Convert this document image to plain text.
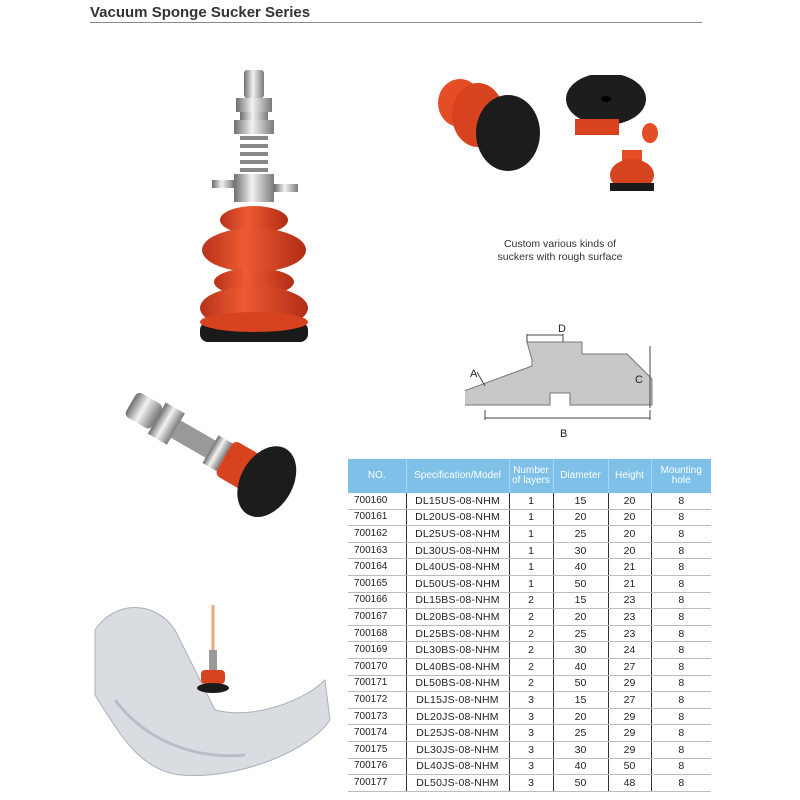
Vacuum Sponge Sucker Series
Custom various kinds of
suckers with rough surface
D
A	C
B
NO.	Specification/Model	Number of layers	Diameter	Height	Mounting hole
700160	DL15US-08-NHM	1	15	20	8
700161	DL20US-08-NHM	1	20	20	8
700162	DL25US-08-NHM	1	25	20	8
700163	DL30US-08-NHM	1	30	20	8
700164	DL40US-08-NHM	1	40	21	8
700165	DL50US-08-NHM	1	50	21	8
700166	DL15BS-08-NHM	2	15	23	8
700167	DL20BS-08-NHM	2	20	23	8
700168	DL25BS-08-NHM	2	25	23	8
700169	DL30BS-08-NHM	2	30	24	8
700170	DL40BS-08-NHM	2	40	27	8
700171	DL50BS-08-NHM	2	50	29	8
700172	DL15JS-08-NHM	3	15	27	8
700173	DL20JS-08-NHM	3	20	29	8
700174	DL25JS-08-NHM	3	25	29	8
700175	DL30JS-08-NHM	3	30	29	8
700176	DL40JS-08-NHM	3	40	50	8
700177	DL50JS-08-NHM	3	50	48	8
